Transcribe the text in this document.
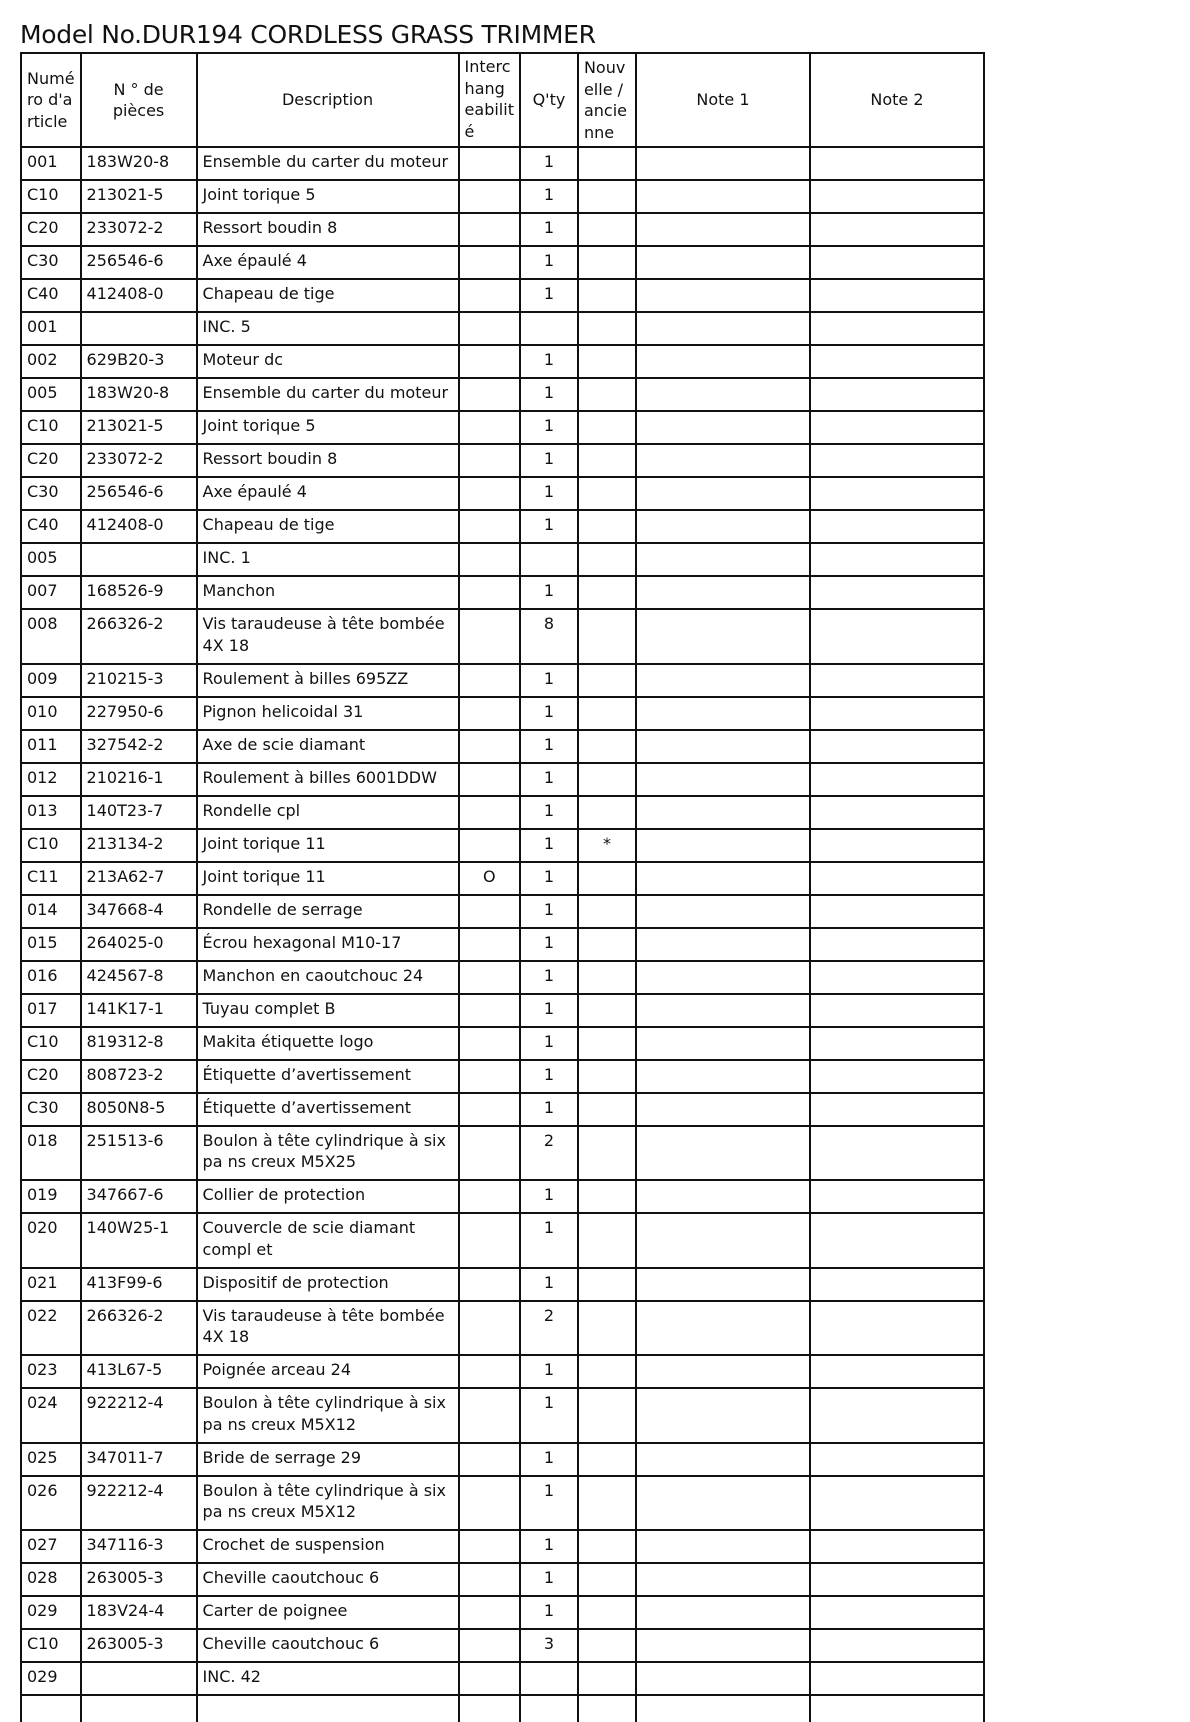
Model No.DUR194 CORDLESS GRASS TRIMMER
Numé ro d'a rticle	N ° de pièces	Description	Interc hang eabilit é	Q'ty	Nouv elle / ancie nne	Note 1	Note 2
001	183W20-8	Ensemble du carter du moteur		1			
C10	213021-5	Joint torique 5		1			
C20	233072-2	Ressort boudin 8		1			
C30	256546-6	Axe épaulé 4		1			
C40	412408-0	Chapeau de tige		1			
001		INC. 5					
002	629B20-3	Moteur dc		1			
005	183W20-8	Ensemble du carter du moteur		1			
C10	213021-5	Joint torique 5		1			
C20	233072-2	Ressort boudin 8		1			
C30	256546-6	Axe épaulé 4		1			
C40	412408-0	Chapeau de tige		1			
005		INC. 1					
007	168526-9	Manchon		1			
008	266326-2	Vis taraudeuse à tête bombée 4X 18		8			
009	210215-3	Roulement à billes 695ZZ		1			
010	227950-6	Pignon helicoidal 31		1			
011	327542-2	Axe de scie diamant		1			
012	210216-1	Roulement à billes 6001DDW		1			
013	140T23-7	Rondelle cpl		1			
C10	213134-2	Joint torique 11		1	*		
C11	213A62-7	Joint torique 11	O	1			
014	347668-4	Rondelle de serrage		1			
015	264025-0	Écrou hexagonal M10-17		1			
016	424567-8	Manchon en caoutchouc 24		1			
017	141K17-1	Tuyau complet B		1			
C10	819312-8	Makita étiquette logo		1			
C20	808723-2	Étiquette d’avertissement		1			
C30	8050N8-5	Étiquette d’avertissement		1			
018	251513-6	Boulon à tête cylindrique à six pa ns creux M5X25		2			
019	347667-6	Collier de protection		1			
020	140W25-1	Couvercle de scie diamant compl et		1			
021	413F99-6	Dispositif de protection		1			
022	266326-2	Vis taraudeuse à tête bombée 4X 18		2			
023	413L67-5	Poignée arceau 24		1			
024	922212-4	Boulon à tête cylindrique à six pa ns creux M5X12		1			
025	347011-7	Bride de serrage 29		1			
026	922212-4	Boulon à tête cylindrique à six pa ns creux M5X12		1			
027	347116-3	Crochet de suspension		1			
028	263005-3	Cheville caoutchouc 6		1			
029	183V24-4	Carter de poignee		1			
C10	263005-3	Cheville caoutchouc 6		3			
029		INC. 42					
